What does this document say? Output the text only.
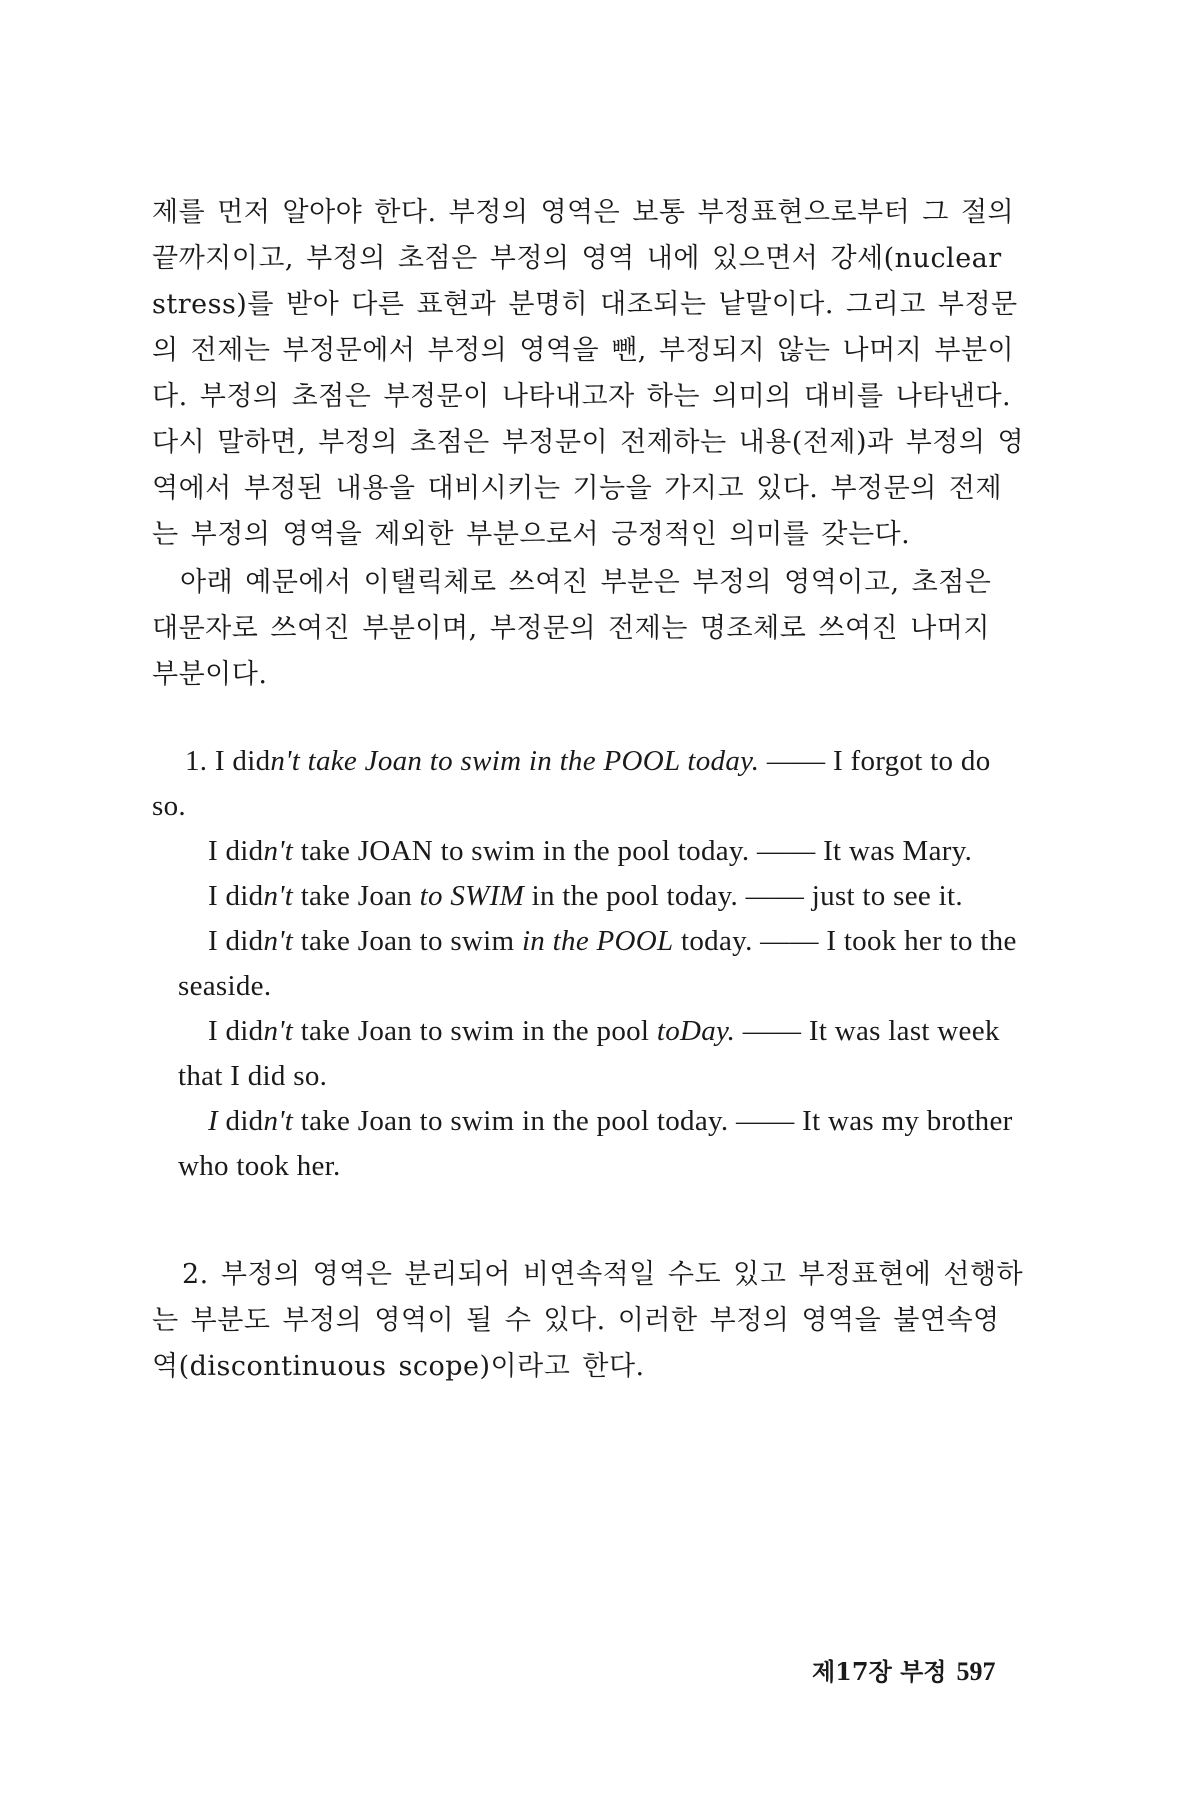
제를 먼저 알아야 한다. 부정의 영역은 보통 부정표현으로부터 그 절의
끝까지이고, 부정의 초점은 부정의 영역 내에 있으면서 강세(nuclear
stress)를 받아 다른 표현과 분명히 대조되는 낱말이다. 그리고 부정문
의 전제는 부정문에서 부정의 영역을 뺀, 부정되지 않는 나머지 부분이
다. 부정의 초점은 부정문이 나타내고자 하는 의미의 대비를 나타낸다.
다시 말하면, 부정의 초점은 부정문이 전제하는 내용(전제)과 부정의 영
역에서 부정된 내용을 대비시키는 기능을 가지고 있다. 부정문의 전제
는 부정의 영역을 제외한 부분으로서 긍정적인 의미를 갖는다.
아래 예문에서 이탤릭체로 쓰여진 부분은 부정의 영역이고, 초점은
대문자로 쓰여진 부분이며, 부정문의 전제는 명조체로 쓰여진 나머지
부분이다.
1. I didn't take Joan to swim in the POOL today. —— I forgot to do
so.
I didn't take JOAN to swim in the pool today. —— It was Mary.
I didn't take Joan to SWIM in the pool today. —— just to see it.
I didn't take Joan to swim in the POOL today. —— I took her to the
seaside.
I didn't take Joan to swim in the pool toDay. —— It was last week
that I did so.
I didn't take Joan to swim in the pool today. —— It was my brother
who took her.
2. 부정의 영역은 분리되어 비연속적일 수도 있고 부정표현에 선행하
는 부분도 부정의 영역이 될 수 있다. 이러한 부정의 영역을 불연속영
역(discontinuous scope)이라고 한다.
제17장 부정 597
